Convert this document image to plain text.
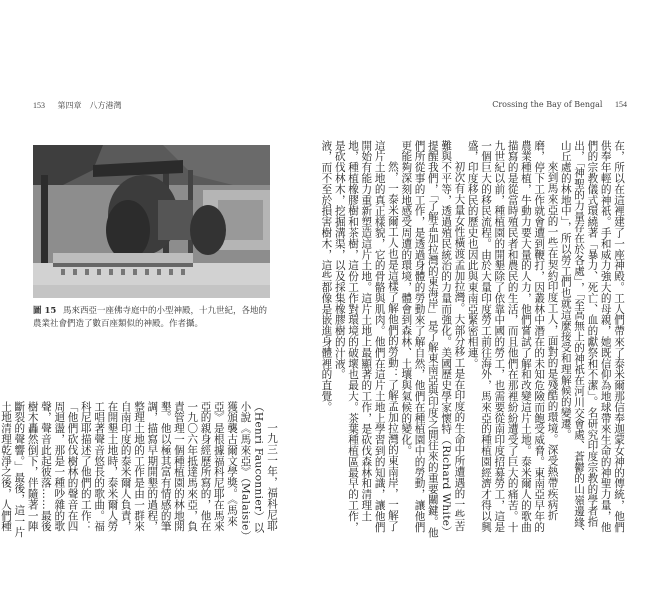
153 第四章　八方港灣	Crossing the Bay of Bengal 154
圖 15 馬來西亞一座佛寺庭中的小型神殿，十九世紀，各地的農業社會們造了數百座類似的神殿。作者攝。	在，所以在這裡建了一座神殿。工人們帶來了泰米爾那信奉迦蒙女神的傳統，他們供奉年輕的神祇。手和威力強大的母親，她既信仰為地球帶來生命的神聖力量，他們的宗教儀式環繞著「暴力、死亡、血的獻祭和不潔」。名研究印度宗教的學者指出，「神聖的力量存在於各處」，「至高無上的神祇在河川交會處、蒼鬱的山嶺邊緣、山丘處的林地中」，所以勞工們也就這麼接受和理解候的變遷。

來到馬來亞的一些在契約印度工人，面對的是殘酷的環境。深受熱帶疾病折磨，停下工作就會遭到鞭打，因叢林中潛在的未知危險而飽受威脅。東南亞早年的農業種植，牛動力要大量的人力，他們嘗試了解和改變這片土地。泰米爾人的歌曲描寫的是從當時殖民者和農民的生活，而且他們在那裡紛紛遭受了巨大的痛苦。十九世紀以前，種植園的開墾除了依靠中國的勞工，也需要從南印度招募勞工，這是一個巨大的移民流程。由於大量印度勞工前往海外，馬來亞的種植園經濟才得以興盛，印度移民的歷史也因此與東南亞緊密相連。

初次有大量女性橫渡孟加拉灣。大部分移工是在印度的生命中所遭遇的一些苦難與不平等，透過殖民統治的力量而強化。美國歷史學家懷特（Richard White）提醒我們，「了解孟加拉灣的東海岸」是了解東南亞與印度之間往來的重要關鍵。他們所從事的工作，是透過身體的勞動來了解自然，他們在種植園中的勞動，讓他們更能夠深刻地感受周遭的環境，體會到森林、土壤與氣候的變化。

然，一泰米爾工人也是這樣了解他們的勞動：了解孟加拉灣的東南岸，一解了這片土地的真正樣貌，它的骨骼與肌肉。他們在這片土地上學習到的知識，讓他們開始有能力重新塑造這片土地。這片土地上最顯著的工作，是砍伐森林和清理土地，種植橡膠樹和茶樹，這份工作對環境的破壞也最大。茶葉種植區最早的工作，是砍伐林木，挖掘溝渠，以及採集橡膠樹的汁液。

液，而不至於損害樹木，這些都像是嵌進身體裡的直覺。

一九三一年，福科尼耶（Henri Fauconnier）以小說《馬來亞》（Malaisie）獲頒襲古爾文學獎。《馬來亞》是根據福科尼耶在馬來亞的親身經歷所寫的，他在一九〇六年抵達馬來亞，負責管理一個種植園的林地開墾。他以極其富有情感的筆調，描寫早期開墾的過程，整理土地的工作是由一群來自南印度的泰米爾人負責，在開墾土地時，泰米爾人勞工唱著聲音悠長的歌曲。福科尼耶描述了他們的工作：「他們砍伐樹林的聲音在四周迴盪，那是一種吵雜的歌聲，聲音此起彼落……最後樹木轟然倒下，伴隨著一陣斷裂的聲響。」最後，這一片土地清理乾淨之後，人們種
